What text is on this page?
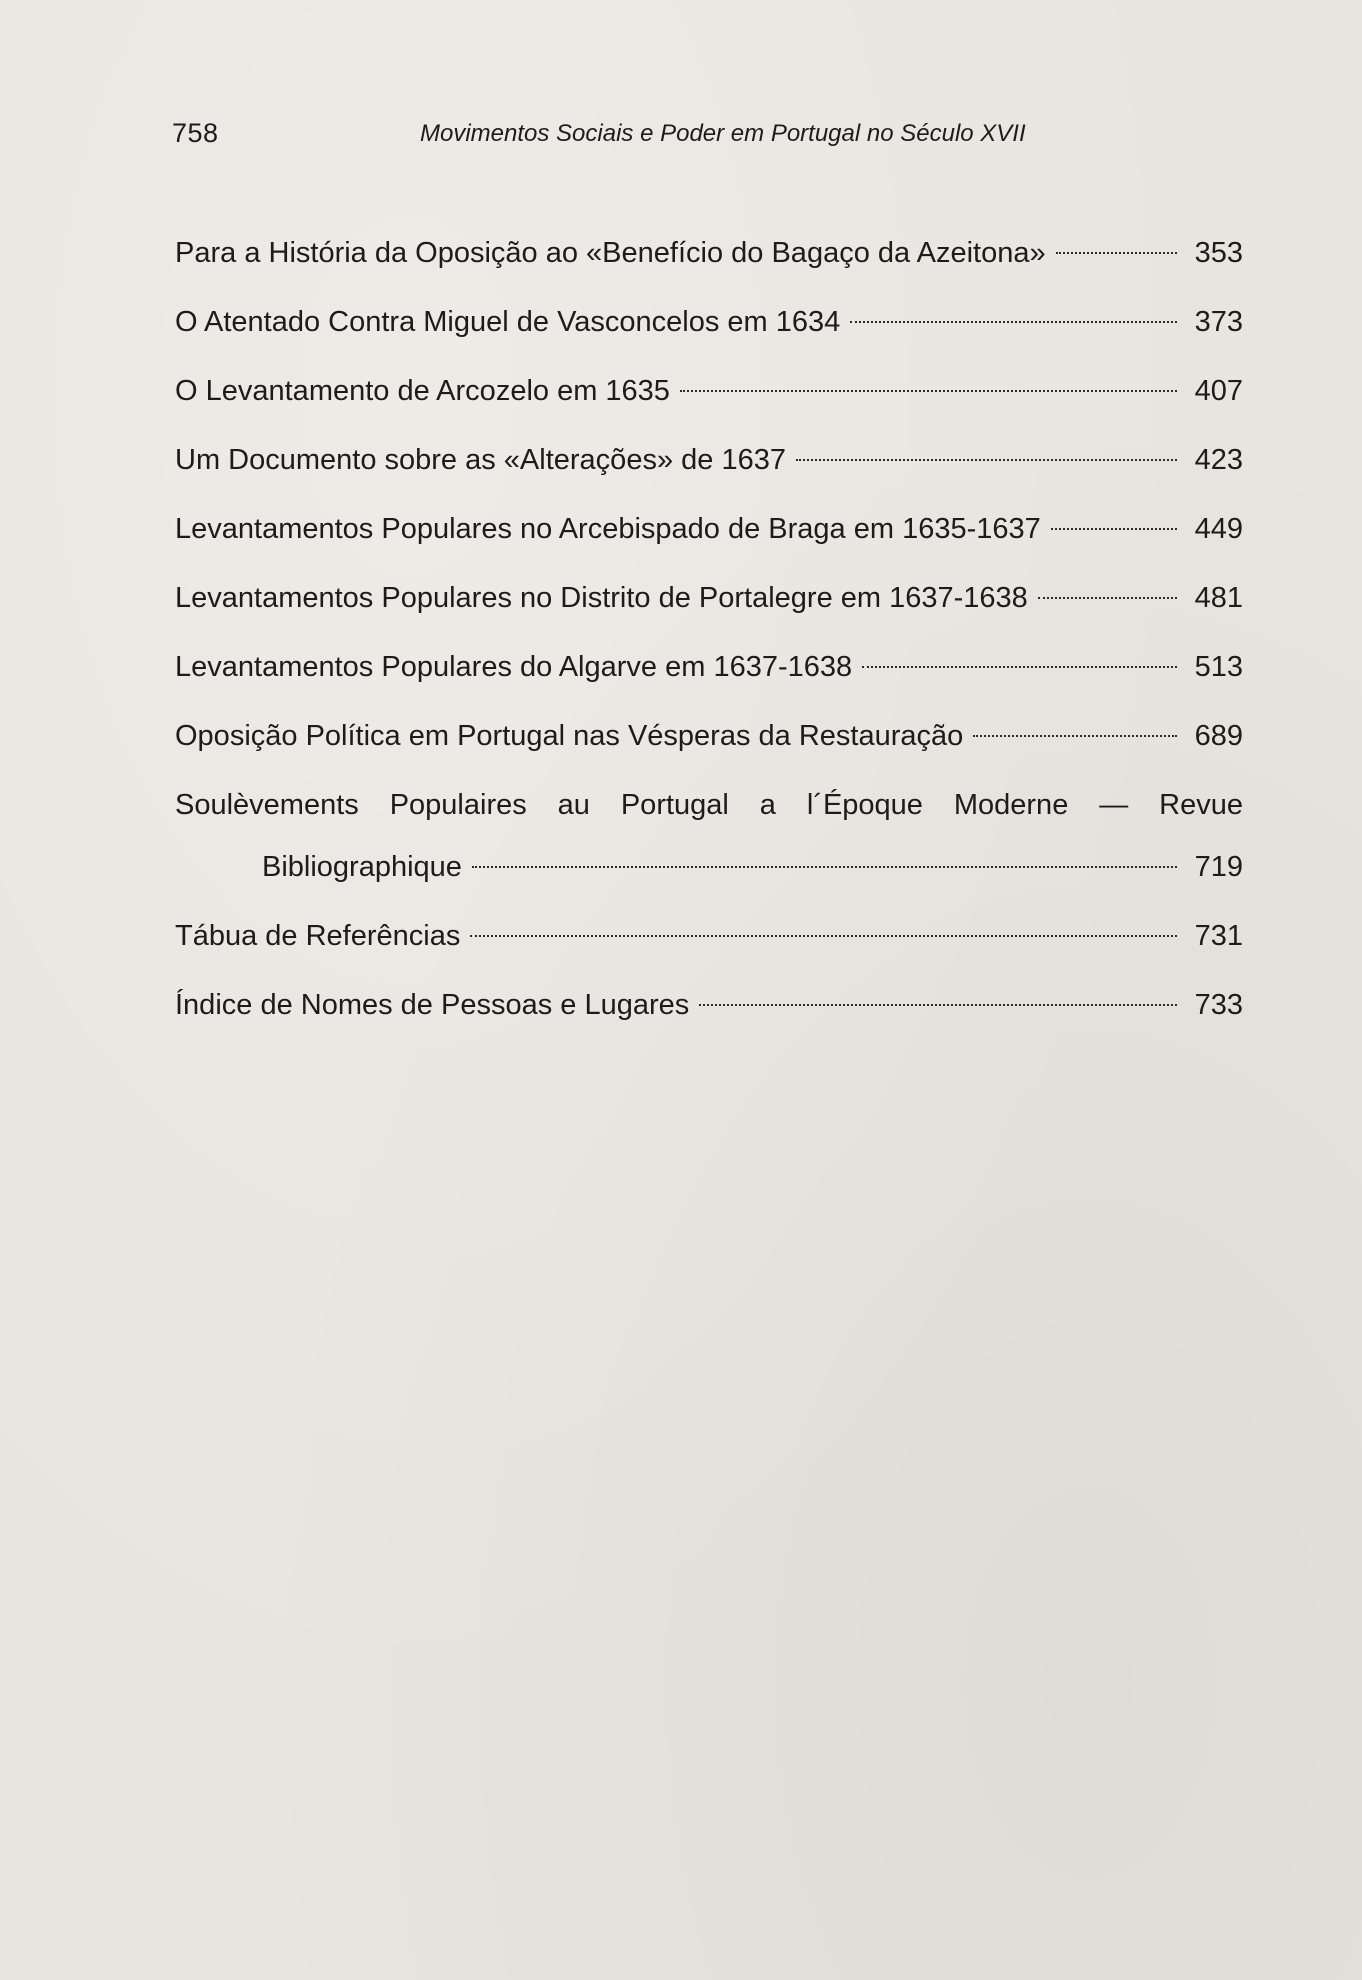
758	Movimentos Sociais e Poder em Portugal no Século XVII
Para a História da Oposição ao «Benefício do Bagaço da Azeitona»	353
O Atentado Contra Miguel de Vasconcelos em 1634	373
O Levantamento de Arcozelo em 1635	407
Um Documento sobre as «Alterações» de 1637	423
Levantamentos Populares no Arcebispado de Braga em 1635-1637	449
Levantamentos Populares no Distrito de Portalegre em 1637-1638	481
Levantamentos Populares do Algarve em 1637-1638	513
Oposição Política em Portugal nas Vésperas da Restauração	689
Soulèvements Populaires au Portugal a l´Époque Moderne — Revue
Bibliographique	719
Tábua de Referências	731
Índice de Nomes de Pessoas e Lugares	733
